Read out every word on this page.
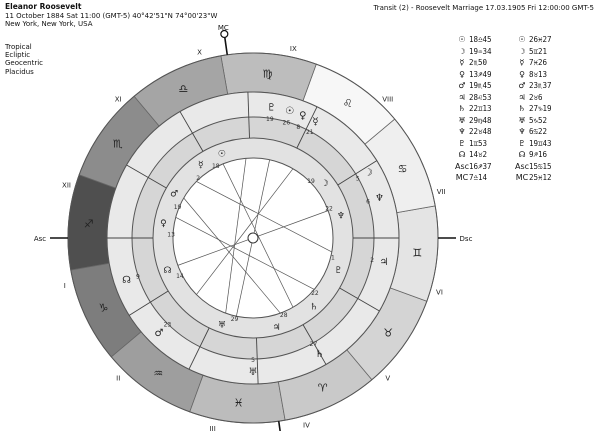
Eleanor Roosevelt
11 October 1884 Sat 11:00 (GMT-5) 40°42'51"N 74°00'23"W
New York, New York, USA
Tropical
Ecliptic
Geocentric
Placidus
Transit (2) - Roosevelt Marriage 17.03.1905 Fri 12:00:00 GMT-5
♐
♑
♒
♓
♈
♉
♊
♋
♌
♍
♎
♏
I
II
III	IV
V
VI
VII
VIII
IX
X
XI
XII
☿
21
♀
8
☉
26
♇
19
☽
5
♆
6
♃
2
♄
27
♅
5
♂
23
☊ 9
☉
18
☿
2
♂
19
♀
13
☽
19
♆
22
♇
1
♄
22
♃
28
♅
29
☊
14
Asc	Dsc
MC
☉ 18♎45	☉ 26♓27
☽ 19♒34	☽ 5♊21
☿ 2♏50	☿ 7♓26
♀ 13♐49	♀ 8♉13
♂ 19♏45	♂ 23♏37
♃ 28♌53	♃ 2♉6
♄ 22♊13	♄ 27♑19
♅ 29♍48	♅ 5♑52
♆ 22♉48	♆ 6♋22
♇ 1♊53	♇ 19♊43
☊ 14♉2	☊ 9♐16
Asc 16♐37	Asc 15♋15
MC 7♎14	MC 25♓12
